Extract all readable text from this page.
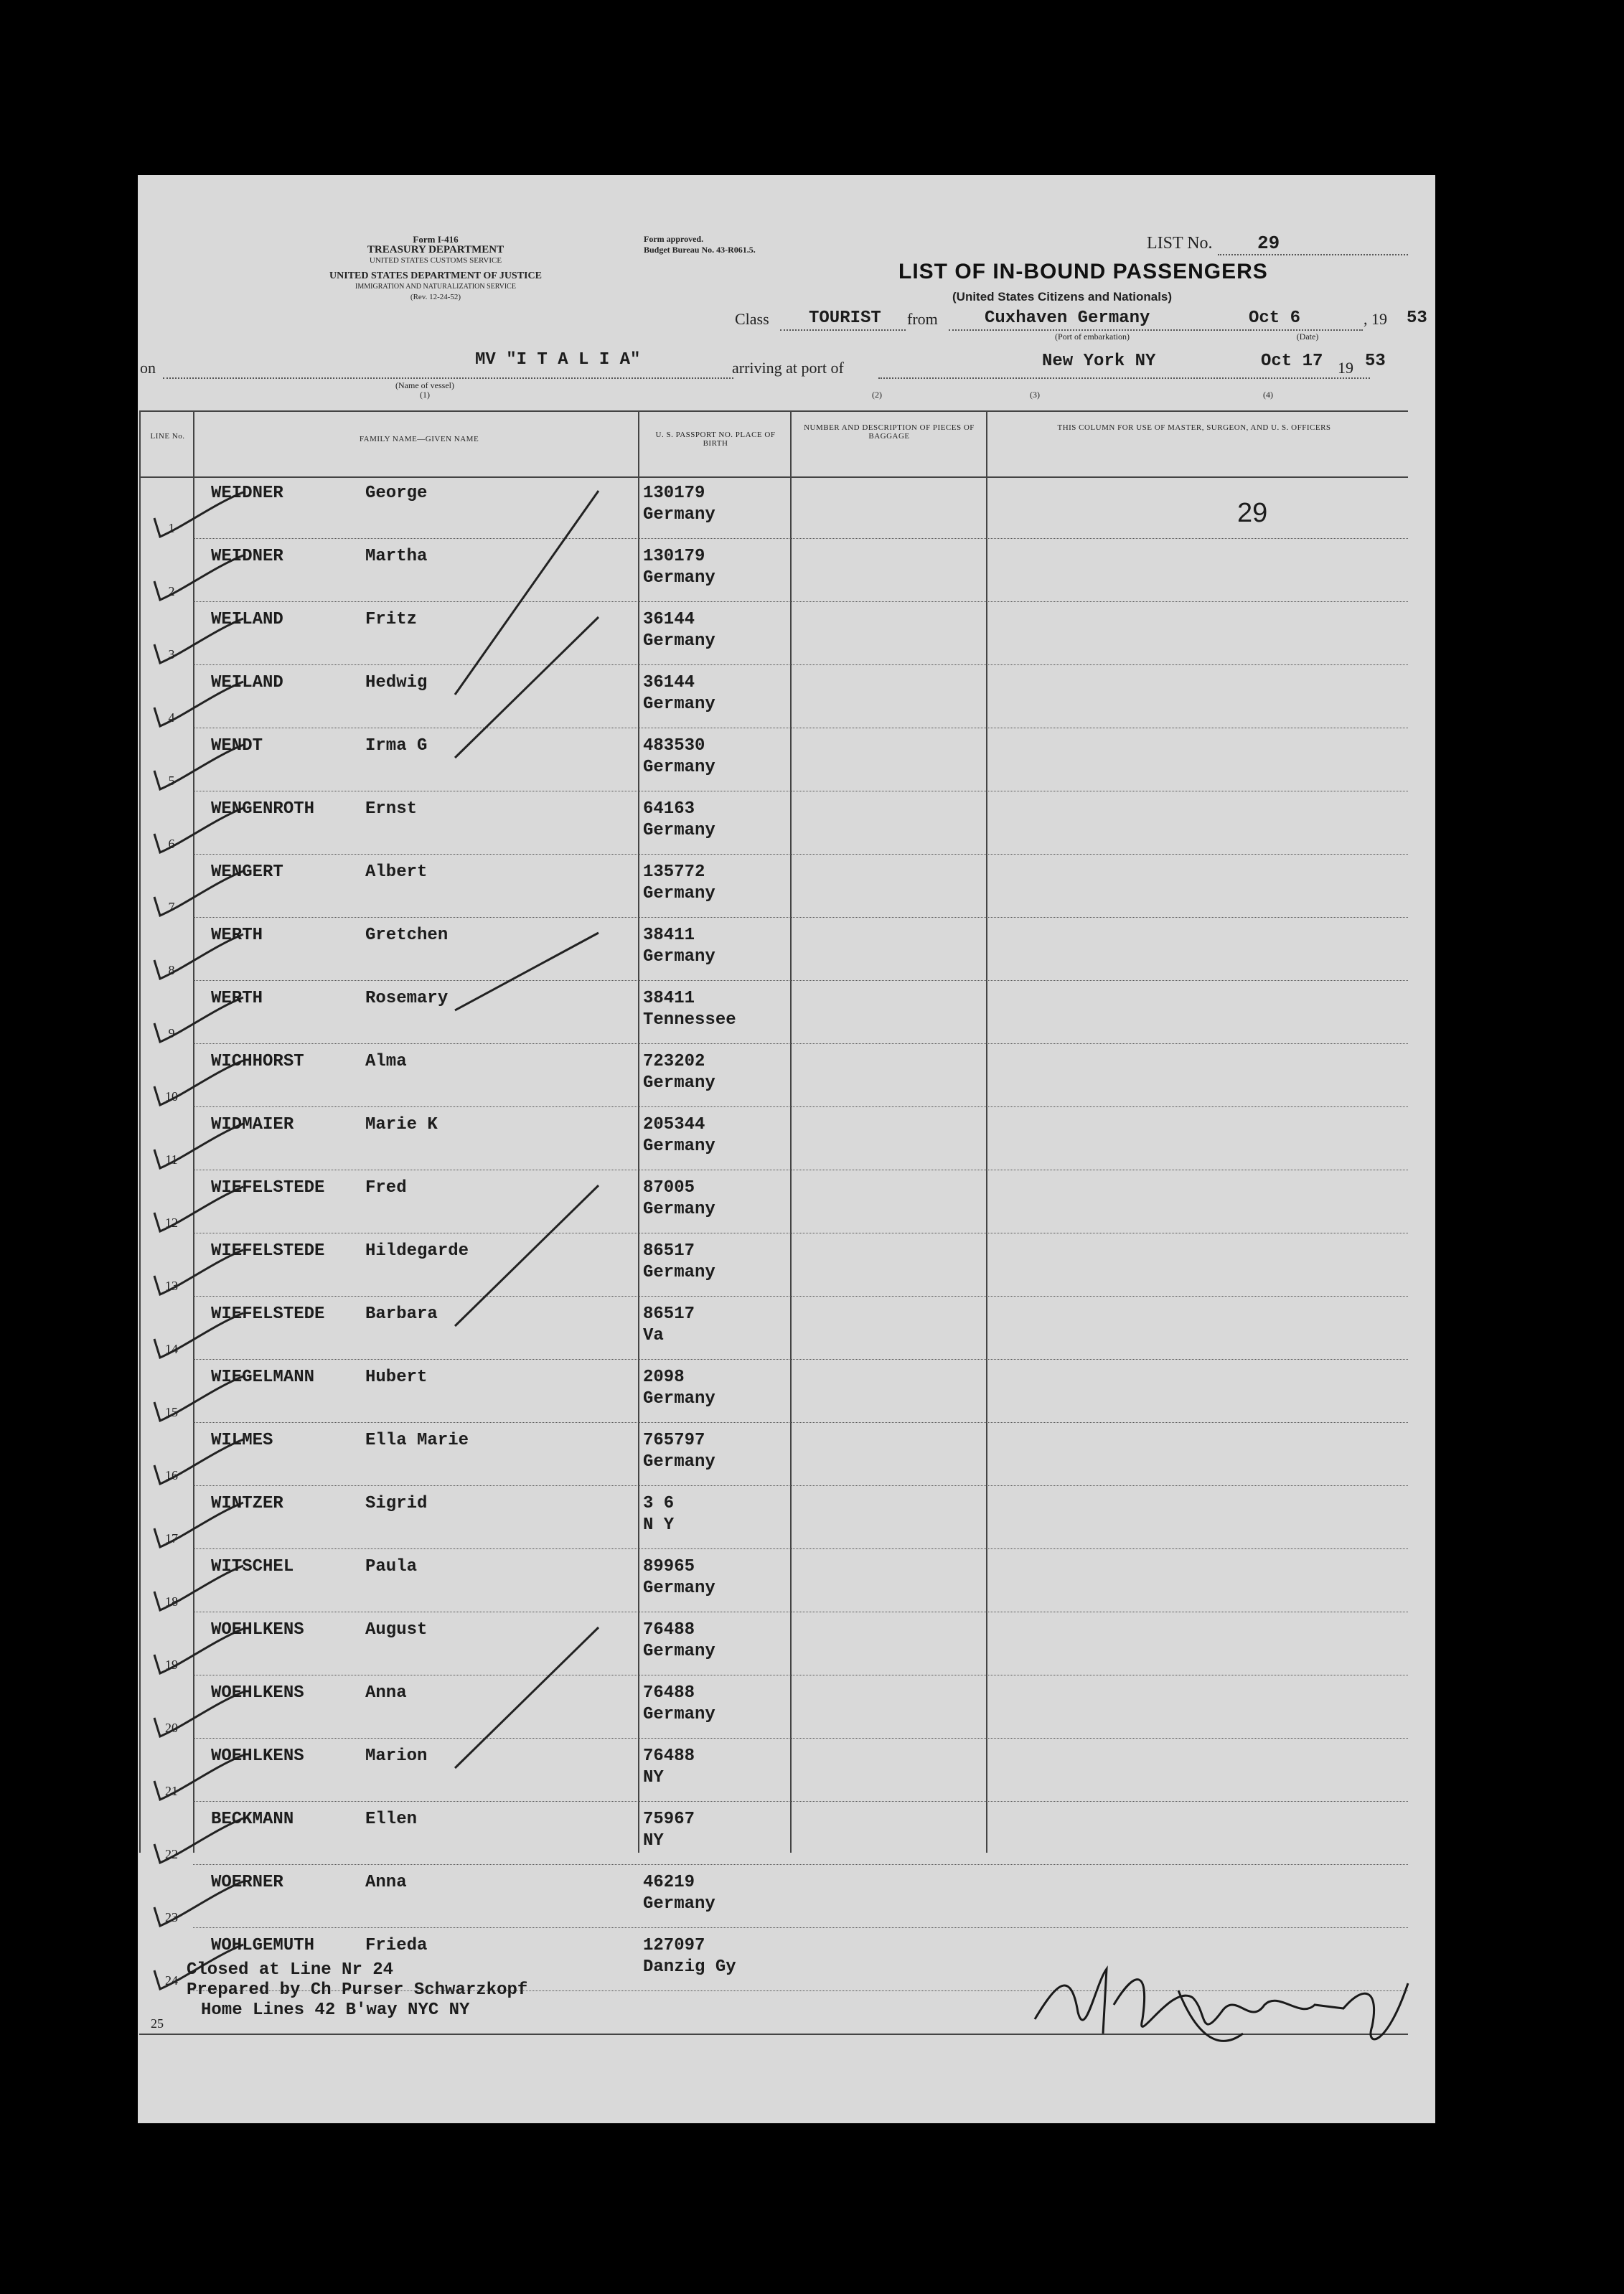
Form I-416
TREASURY DEPARTMENT
UNITED STATES CUSTOMS SERVICE
UNITED STATES DEPARTMENT OF JUSTICE
IMMIGRATION AND NATURALIZATION SERVICE
(Rev. 12-24-52)
Form approved.
Budget Bureau No. 43-R061.5.	LIST No. 29
LIST OF IN-BOUND PASSENGERS
(United States Citizens and Nationals)
Class TOURIST from	Cuxhaven Germany
(Port of embarkation)
Oct 6	, 19 53
(Date)
on	MV "I T A L I A"
(Name of vessel)
(1)
arriving at port of	New York NY	Oct 17 19 53
(2)	(3)	(4)
LINE No.	FAMILY NAME—GIVEN NAME	U. S. PASSPORT NO. PLACE OF BIRTH
NUMBER AND DESCRIPTION OF PIECES OF BAGGAGE
THIS COLUMN FOR USE OF MASTER, SURGEON, AND U. S. OFFICERS
29
1
WEIDNER	George	130179
Germany
2
WEIDNER	Martha	130179
Germany
3
WEILAND	Fritz	36144
Germany
4
WEILAND	Hedwig	36144
Germany
5
WENDT	Irma G	483530
Germany
6
WENGENROTH	Ernst	64163
Germany
7
WENGERT	Albert	135772
Germany
8
WERTH	Gretchen	38411
Germany
9
WERTH	Rosemary	38411
Tennessee
10
WICHHORST	Alma	723202
Germany
11
WIDMAIER	Marie K	205344
Germany
12
WIEFELSTEDE Fred	87005
Germany
13
WIEFELSTEDE Hildegarde	86517
Germany
14
WIEFELSTEDE Barbara	86517
Va
15
WIEGELMANN	Hubert	2098
Germany
16
WILMES	Ella Marie	765797
Germany
17
WINTZER	Sigrid	3 6
N Y
18
WITSCHEL	Paula	89965
Germany
19
WOEHLKENS	August	76488
Germany
20
WOEHLKENS	Anna	76488
Germany
21
WOEHLKENS	Marion	76488
NY
22
BECKMANN	Ellen	75967
NY
23
WOERNER	Anna	46219
Germany
24
WOHLGEMUTH	Frieda	127097
Danzig Gy
Closed at Line Nr 24
Prepared by Ch Purser Schwarzkopf
Home Lines 42 B'way NYC NY
25
